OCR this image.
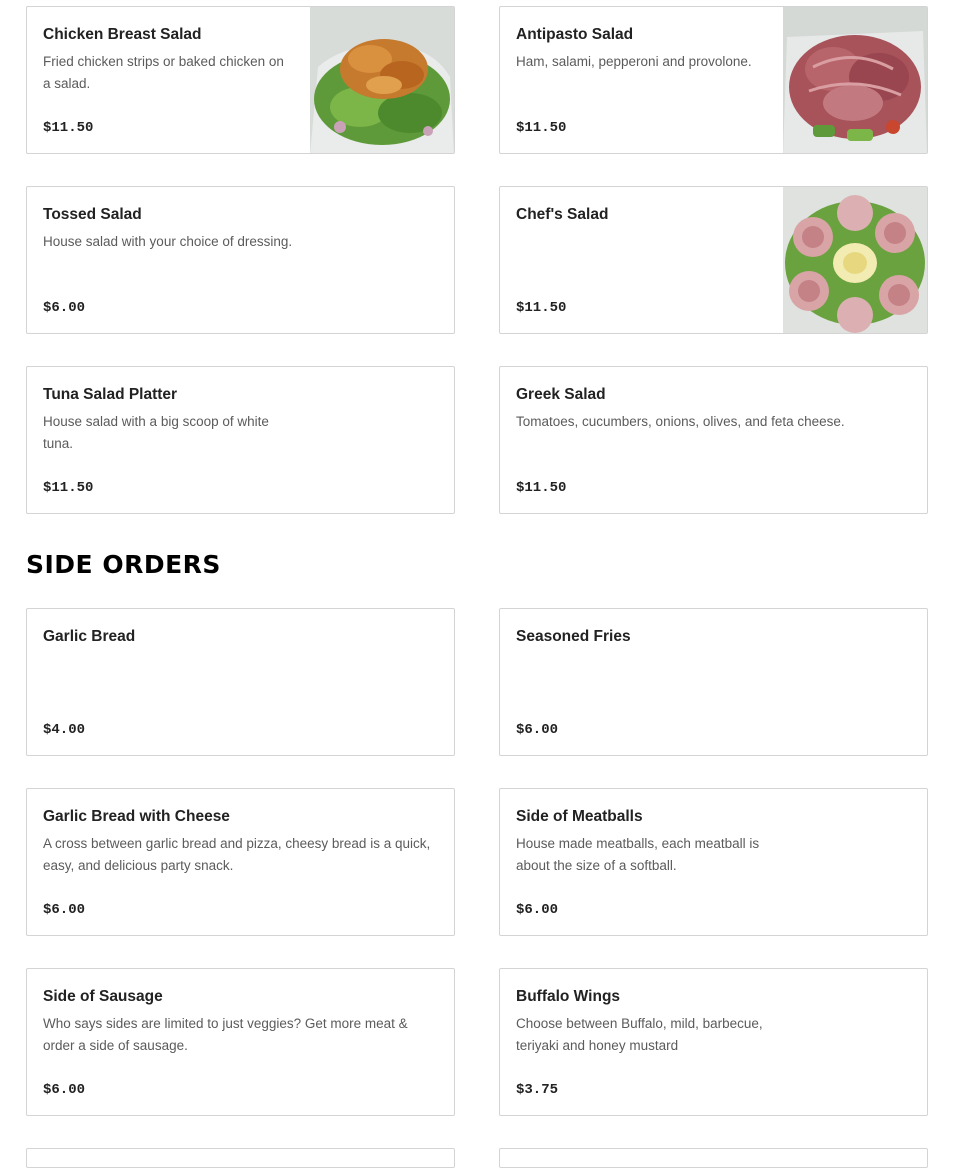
Chicken Breast Salad
Fried chicken strips or baked chicken on a salad.
$11.50
Antipasto Salad
Ham, salami, pepperoni and provolone.
$11.50
Tossed Salad
House salad with your choice of dressing.
$6.00
Chef's Salad
$11.50
Tuna Salad Platter
House salad with a big scoop of white tuna.
$11.50
Greek Salad
Tomatoes, cucumbers, onions, olives, and feta cheese.
$11.50
SIDE ORDERS
Garlic Bread
$4.00
Seasoned Fries
$6.00
Garlic Bread with Cheese
A cross between garlic bread and pizza, cheesy bread is a quick, easy, and delicious party snack.
$6.00
Side of Meatballs
House made meatballs, each meatball is about the size of a softball.
$6.00
Side of Sausage
Who says sides are limited to just veggies? Get more meat & order a side of sausage.
$6.00
Buffalo Wings
Choose between Buffalo, mild, barbecue, teriyaki and honey mustard
$3.75
